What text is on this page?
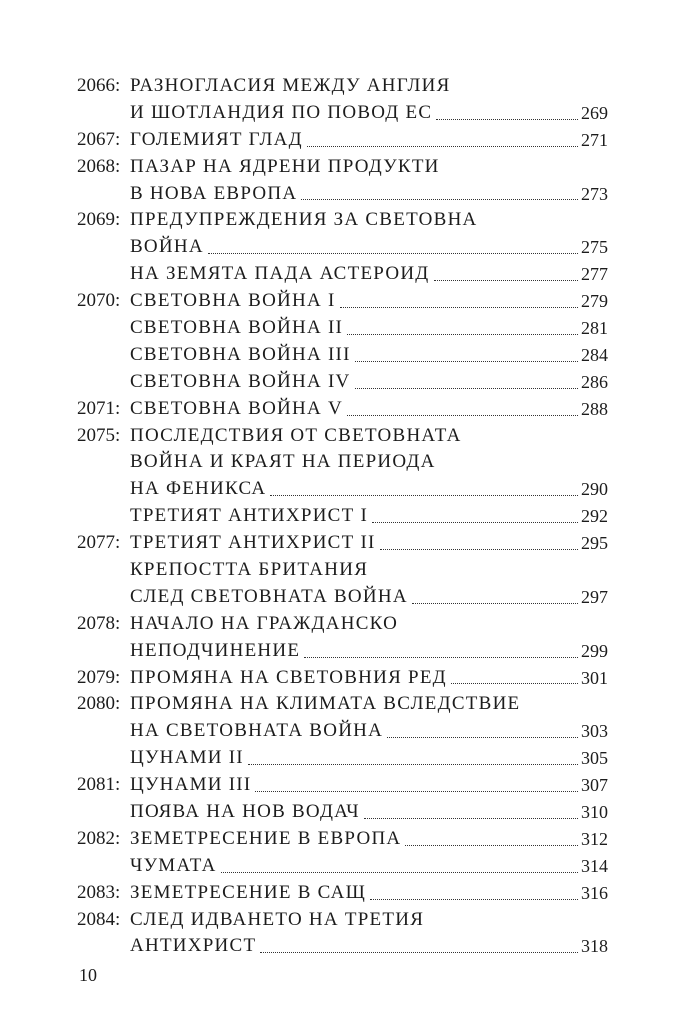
2066: РАЗНОГЛАСИЯ МЕЖДУ АНГЛИЯ
И ШОТЛАНДИЯ ПО ПОВОД ЕС	269
2067: ГОЛЕМИЯТ ГЛАД	271
2068: ПАЗАР НА ЯДРЕНИ ПРОДУКТИ
В НОВА ЕВРОПА	273
2069: ПРЕДУПРЕЖДЕНИЯ ЗА СВЕТОВНА
ВОЙНА	275
НА ЗЕМЯТА ПАДА АСТЕРОИД	277
2070: СВЕТОВНА ВОЙНА I	279
СВЕТОВНА ВОЙНА II	281
СВЕТОВНА ВОЙНА III	284
СВЕТОВНА ВОЙНА IV	286
2071: СВЕТОВНА ВОЙНА V	288
2075: ПОСЛЕДСТВИЯ ОТ СВЕТОВНАТА
ВОЙНА И КРАЯТ НА ПЕРИОДА
НА ФЕНИКСА	290
ТРЕТИЯТ АНТИХРИСТ I	292
2077: ТРЕТИЯТ АНТИХРИСТ II	295
КРЕПОСТТА БРИТАНИЯ
СЛЕД СВЕТОВНАТА ВОЙНА	297
2078: НАЧАЛО НА ГРАЖДАНСКО
НЕПОДЧИНЕНИЕ	299
2079: ПРОМЯНА НА СВЕТОВНИЯ РЕД	301
2080: ПРОМЯНА НА КЛИМАТА ВСЛЕДСТВИЕ
НА СВЕТОВНАТА ВОЙНА	303
ЦУНАМИ II	305
2081: ЦУНАМИ III	307
ПОЯВА НА НОВ ВОДАЧ	310
2082: ЗЕМЕТРЕСЕНИЕ В ЕВРОПА	312
ЧУМАТА	314
2083: ЗЕМЕТРЕСЕНИЕ В САЩ	316
2084: СЛЕД ИДВАНЕТО НА ТРЕТИЯ
АНТИХРИСТ	318
10
